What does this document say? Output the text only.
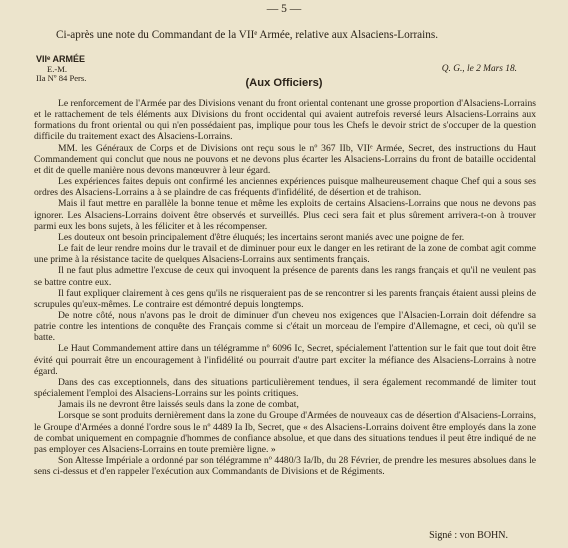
— 5 —
Ci-après une note du Commandant de la VIIᵉ Armée, relative aux Alsaciens-Lorrains.
VIIᵉ ARMÉE
E.-M.
IIa Nº 84 Pers.
Q. G., le 2 Mars 18.
(Aux Officiers)

Le renforcement de l'Armée par des Divisions venant du front oriental contenant une grosse proportion d'Alsaciens-Lorrains et le rattachement de tels éléments aux Divisions du front occidental qui avaient autrefois reversé leurs Alsaciens-Lorrains aux formations du front oriental ou qui n'en possédaient pas, implique pour tous les Chefs le devoir strict de s'occuper de la question difficile du traitement exact des Alsaciens-Lorrains.

MM. les Généraux de Corps et de Divisions ont reçu sous le nº 367 IIb, VIIᵉ Armée, Secret, des instructions du Haut Commandement qui conclut que nous ne pouvons et ne devons plus écarter les Alsaciens-Lorrains du front de bataille occidental et dit de quelle manière nous devons manœuvrer à leur égard.

Les expériences faites depuis ont confirmé les anciennes expériences puisque malheureusement chaque Chef qui a sous ses ordres des Alsaciens-Lorrains a à se plaindre de cas fréquents d'infidélité, de désertion et de trahison.

Mais il faut mettre en parallèle la bonne tenue et même les exploits de certains Alsaciens-Lorrains que nous ne devons pas ignorer. Les Alsaciens-Lorrains doivent être observés et surveillés. Plus ceci sera fait et plus sûrement arrivera-t-on à trouver parmi eux les bons sujets, à les féliciter et à les récompenser.

Les douteux ont besoin principalement d'être éluqués; les incertains seront maniés avec une poigne de fer.

Le fait de leur rendre moins dur le travail et de diminuer pour eux le danger en les retirant de la zone de combat agit comme une prime à la résistance tacite de quelques Alsaciens-Lorrains aux sentiments français.

Il ne faut plus admettre l'excuse de ceux qui invoquent la présence de parents dans les rangs français et qu'il ne veulent pas se battre contre eux.

Il faut expliquer clairement à ces gens qu'ils ne risqueraient pas de se rencontrer si les parents français étaient aussi pleins de scrupules qu'eux-mêmes. Le contraire est démontré depuis longtemps.

De notre côté, nous n'avons pas le droit de diminuer d'un cheveu nos exigences que l'Alsacien-Lorrain doit défendre sa patrie contre les intentions de conquête des Français comme si c'était un morceau de l'empire d'Allemagne, et ceci, où qu'il se batte.

Le Haut Commandement attire dans un télégramme nº 6096 Ic, Secret, spécialement l'attention sur le fait que tout doit être évité qui pourrait être un encouragement à l'infidélité ou pourrait d'autre part exciter la méfiance des Alsaciens-Lorrains à notre égard.

Dans des cas exceptionnels, dans des situations particulièrement tendues, il sera également recommandé de limiter tout spécialement l'emploi des Alsaciens-Lorrains sur les points critiques.

Jamais ils ne devront être laissés seuls dans la zone de combat,

Lorsque se sont produits dernièrement dans la zone du Groupe d'Armées de nouveaux cas de désertion d'Alsaciens-Lorrains, le Groupe d'Armées a donné l'ordre sous le nº 4489 Ia Ib, Secret, que « des Alsaciens-Lorrains doivent être employés dans la zone de combat uniquement en compagnie d'hommes de confiance absolue, et que dans des situations tendues il peut être indiqué de ne pas employer ces Alsaciens-Lorrains en toute première ligne. »

Son Altesse Impériale a ordonné par son télégramme nº 4480/3 Ia/Ib, du 28 Février, de prendre les mesures absolues dans le sens ci-dessus et d'en rappeler l'exécution aux Commandants de Divisions et de Régiments.

Signé : von BOHN.
